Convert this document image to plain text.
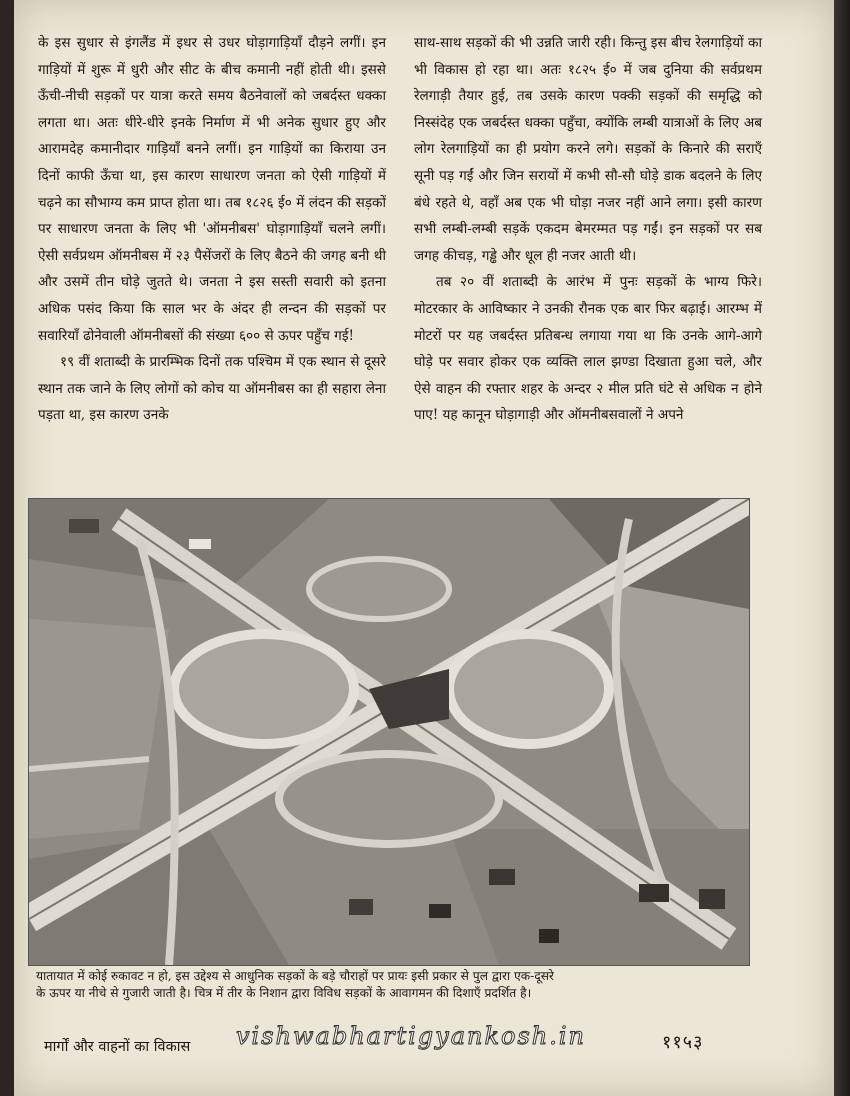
के इस सुधार से इंगलैंड में इधर से उधर घोड़ागाड़ियाँ दौड़ने लगीं। इन गाड़ियों में शुरू में धुरी और सीट के बीच कमानी नहीं होती थी। इससे ऊँची-नीची सड़कों पर यात्रा करते समय बैठनेवालों को जबर्दस्त धक्का लगता था। अतः धीरे-धीरे इनके निर्माण में भी अनेक सुधार हुए और आरामदेह कमानीदार गाड़ियाँ बनने लगीं। इन गाड़ियों का किराया उन दिनों काफी ऊँचा था, इस कारण साधारण जनता को ऐसी गाड़ियों में चढ़ने का सौभाग्य कम प्राप्त होता था। तब १८२६ ई० में लंदन की सड़कों पर साधारण जनता के लिए भी 'ऑमनीबस' घोड़ागाड़ियाँ चलने लगीं। ऐसी सर्वप्रथम ऑमनीबस में २३ पैसेंजरों के लिए बैठने की जगह बनी थी और उसमें तीन घोड़े जुतते थे। जनता ने इस सस्ती सवारी को इतना अधिक पसंद किया कि साल भर के अंदर ही लन्दन की सड़कों पर सवारियाँ ढोनेवाली ऑमनीबसों की संख्या ६०० से ऊपर पहुँच गई!

१९ वीं शताब्दी के प्रारम्भिक दिनों तक पश्चिम में एक स्थान से दूसरे स्थान तक जाने के लिए लोगों को कोच या ऑमनीबस का ही सहारा लेना पड़ता था, इस कारण उनके

साथ-साथ सड़कों की भी उन्नति जारी रही। किन्तु इस बीच रेलगाड़ियों का भी विकास हो रहा था। अतः १८२५ ई० में जब दुनिया की सर्वप्रथम रेलगाड़ी तैयार हुई, तब उसके कारण पक्की सड़कों की समृद्धि को निस्संदेह एक जबर्दस्त धक्का पहुँचा, क्योंकि लम्बी यात्राओं के लिए अब लोग रेलगाड़ियों का ही प्रयोग करने लगे। सड़कों के किनारे की सराएँ सूनी पड़ गईं और जिन सरायों में कभी सौ-सौ घोड़े डाक बदलने के लिए बंधे रहते थे, वहाँ अब एक भी घोड़ा नजर नहीं आने लगा। इसी कारण सभी लम्बी-लम्बी सड़कें एकदम बेमरम्मत पड़ गईं। इन सड़कों पर सब जगह कीचड़, गड्ढे और धूल ही नजर आती थी।

तब २० वीं शताब्दी के आरंभ में पुनः सड़कों के भाग्य फिरे। मोटरकार के आविष्कार ने उनकी रौनक एक बार फिर बढ़ाई। आरम्भ में मोटरों पर यह जबर्दस्त प्रतिबन्ध लगाया गया था कि उनके आगे-आगे घोड़े पर सवार होकर एक व्यक्ति लाल झण्डा दिखाता हुआ चले, और ऐसे वाहन की रफ्तार शहर के अन्दर २ मील प्रति घंटे से अधिक न होने पाए! यह कानून घोड़ागाड़ी और ऑमनीबसवालों ने अपने

यातायात में कोई रुकावट न हो, इस उद्देश्य से आधुनिक सड़कों के बड़े चौराहों पर प्रायः इसी प्रकार से पुल द्वारा एक-दूसरे

के ऊपर या नीचे से गुजारी जाती है। चित्र में तीर के निशान द्वारा विविध सड़कों के आवागमन की दिशाएँ प्रदर्शित है।

मार्गों और वाहनों का विकास vishwabhartigyankosh.in	११५३
